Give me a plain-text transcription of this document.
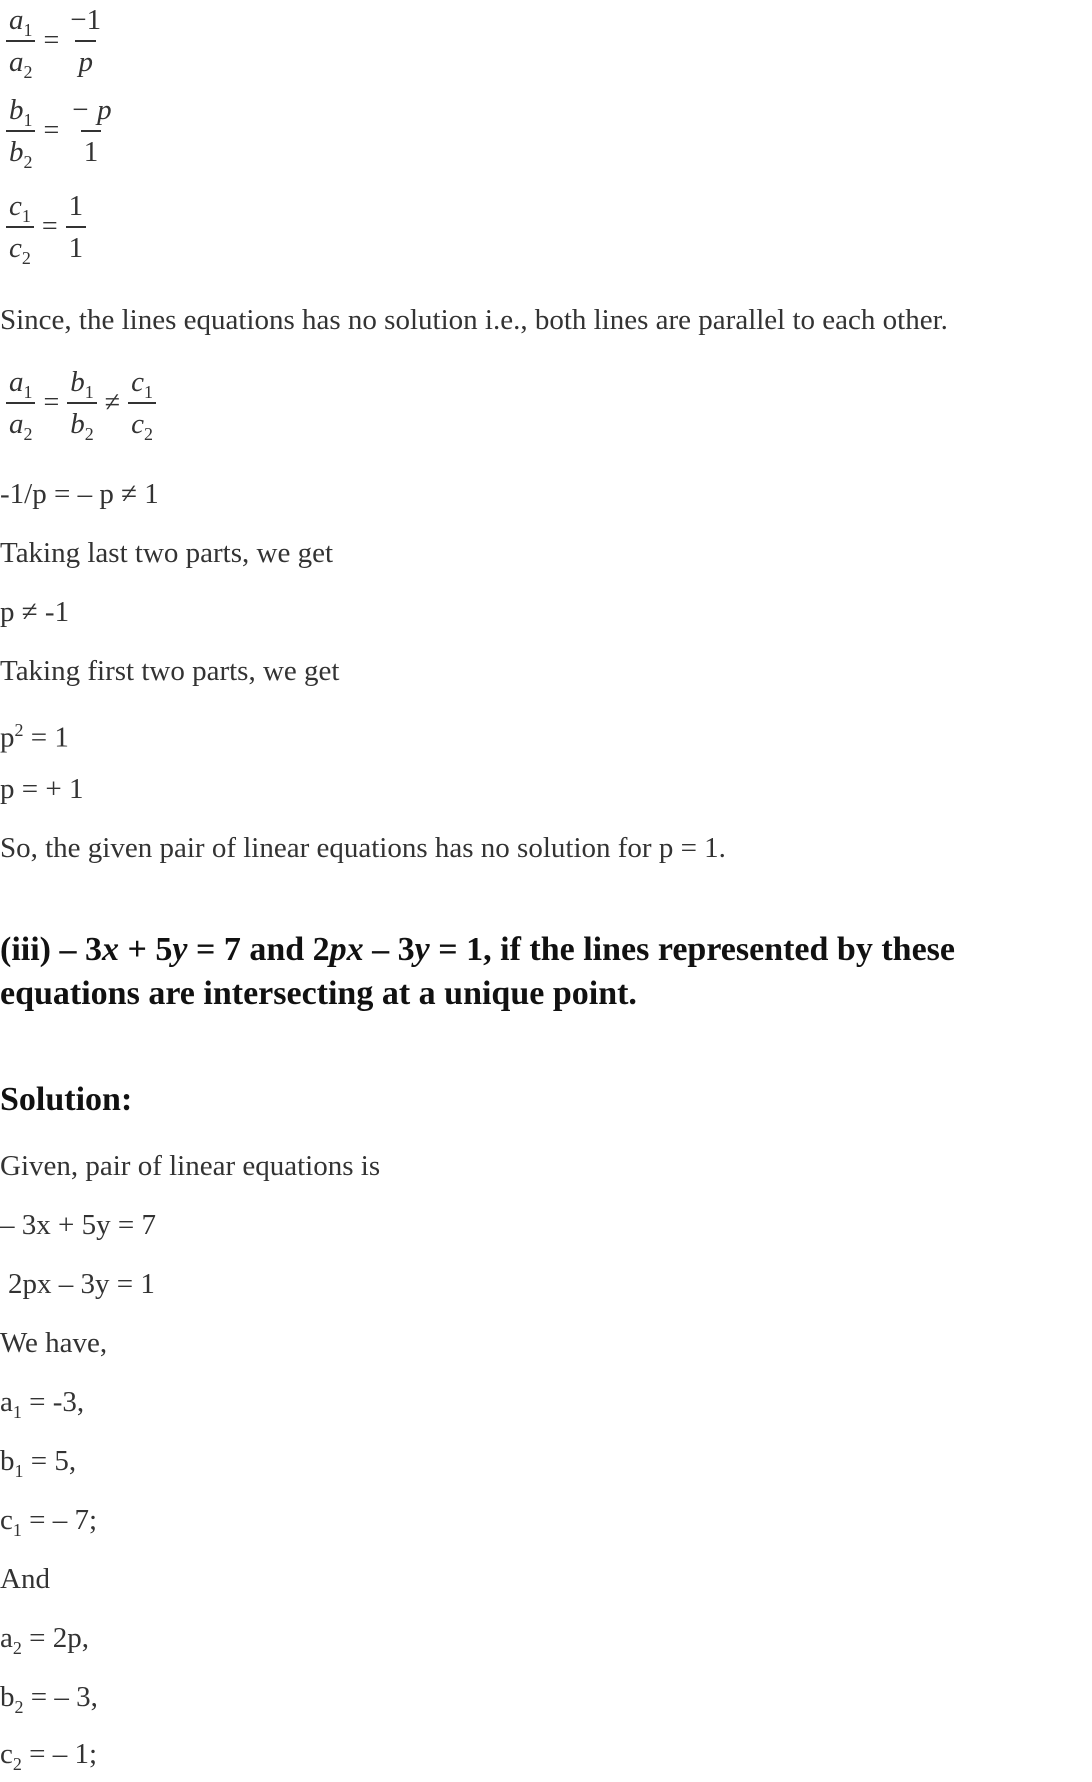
$\frac{a_1}{a_2} = \frac{-1}{p}$
$\frac{b_1}{b_2} = \frac{- p}{1}$
$\frac{c_1}{c_2} = \frac{1}{1}$
Since, the lines equations has no solution i.e., both lines are parallel to each other.
$\frac{a_1}{a_2} = \frac{b_1}{b_2} \ne \frac{c_1}{c_2}$
-1/p = – p ≠ 1
Taking last two parts, we get
p ≠ -1
Taking first two parts, we get
$p^2 = 1$
p = + 1
So, the given pair of linear equations has no solution for p = 1.
(iii) – 3x + 5y = 7 and 2px – 3y = 1, if the lines represented by these equations are intersecting at a unique point.
Solution:
Given, pair of linear equations is
– 3x + 5y = 7
2px – 3y = 1
We have,
$a_1 = -3$,
$b_1 = 5$,
$c_1$ = – 7;
And
$a_2 = 2p$,
$b_2$ = – 3,
$c_2$ = – 1;
